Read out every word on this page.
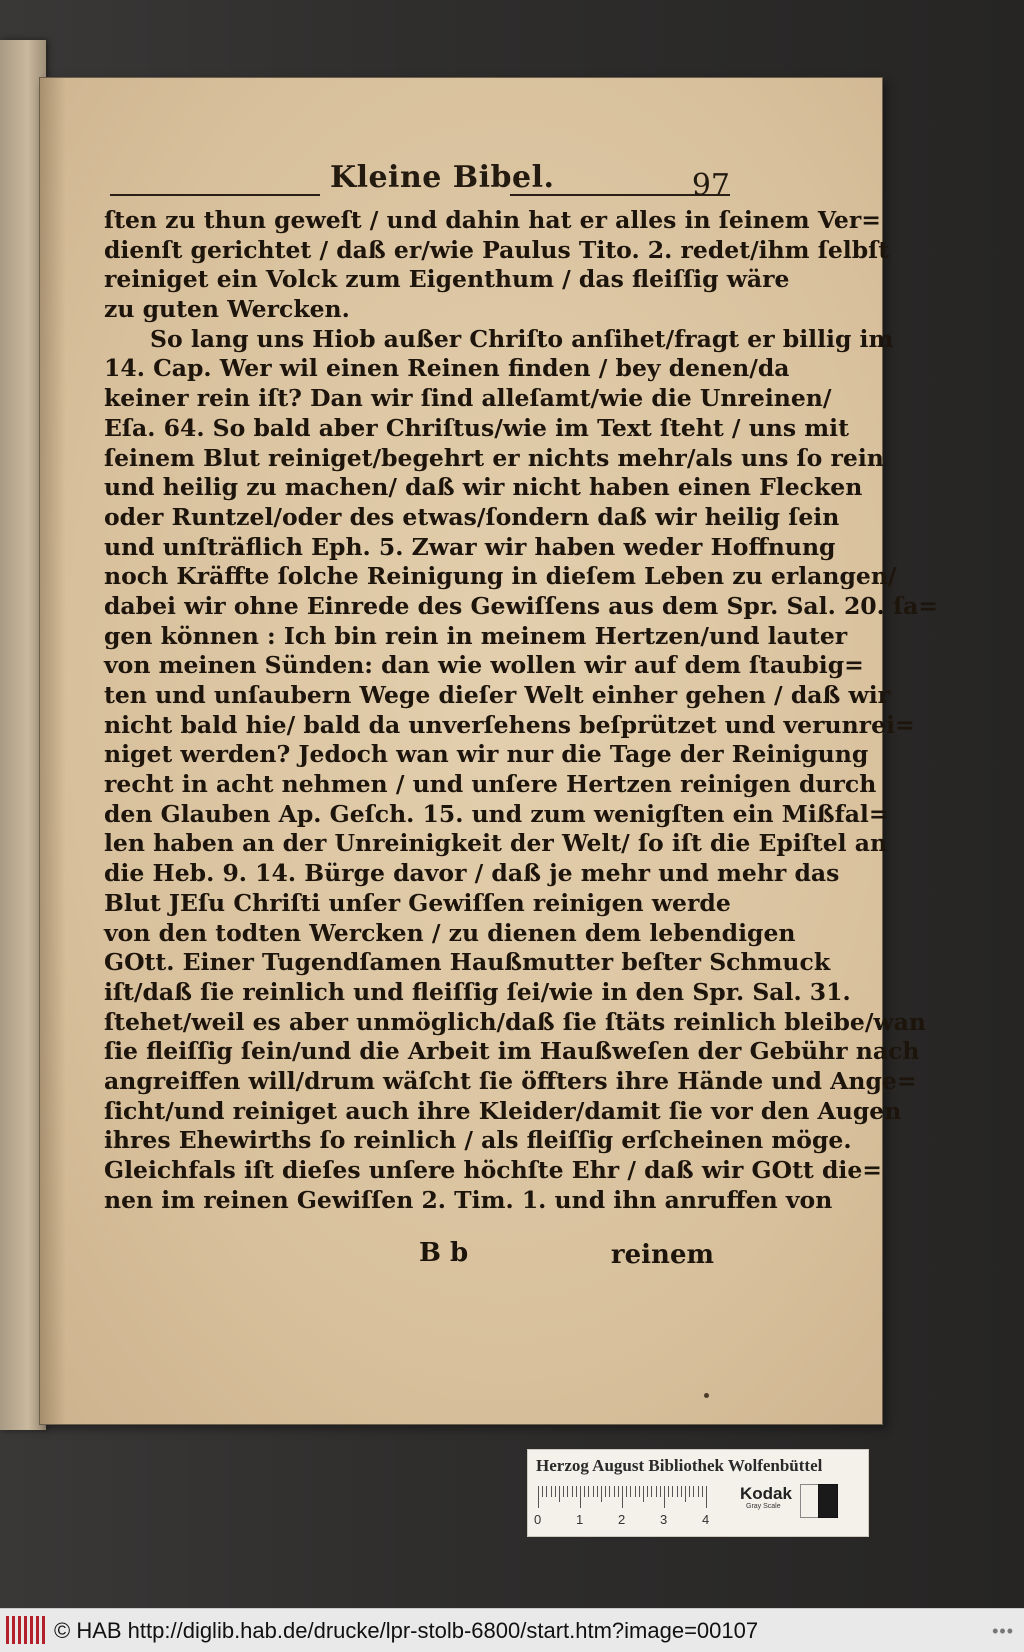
Kleine Bibel.	97
ſten zu thun geweſt / und dahin hat er alles in ſeinem Ver=
dienſt gerichtet / daß er/wie Paulus Tito. 2. redet/ihm ſelbſt
reiniget ein Volck zum Eigenthum / das fleiſſig wäre
zu guten Wercken.
So lang uns Hiob außer Chriſto anſihet/fragt er billig im
14. Cap. Wer wil einen Reinen finden / bey denen/da
keiner rein iſt? Dan wir ſind alleſamt/wie die Unreinen/
Eſa. 64. So bald aber Chriſtus/wie im Text ſteht / uns mit
ſeinem Blut reiniget/begehrt er nichts mehr/als uns ſo rein
und heilig zu machen/ daß wir nicht haben einen Flecken
oder Runtzel/oder des etwas/ſondern daß wir heilig ſein
und unſträflich Eph. 5. Zwar wir haben weder Hoffnung
noch Kräffte ſolche Reinigung in dieſem Leben zu erlangen/
dabei wir ohne Einrede des Gewiſſens aus dem Spr. Sal. 20. ſa=
gen können : Ich bin rein in meinem Hertzen/und lauter
von meinen Sünden: dan wie wollen wir auf dem ſtaubig=
ten und unſaubern Wege dieſer Welt einher gehen / daß wir
nicht bald hie/ bald da unverſehens beſprützet und verunrei=
niget werden? Jedoch wan wir nur die Tage der Reinigung
recht in acht nehmen / und unſere Hertzen reinigen durch
den Glauben Ap. Geſch. 15. und zum wenigſten ein Mißfal=
len haben an der Unreinigkeit der Welt/ ſo iſt die Epiſtel an
die Heb. 9. 14. Bürge davor / daß je mehr und mehr das
Blut JEſu Chriſti unſer Gewiſſen reinigen werde
von den todten Wercken / zu dienen dem lebendigen
GOtt. Einer Tugendſamen Haußmutter beſter Schmuck
iſt/daß ſie reinlich und fleiſſig ſei/wie in den Spr. Sal. 31.
ſtehet/weil es aber unmöglich/daß ſie ſtäts reinlich bleibe/wan
ſie fleiſſig ſein/und die Arbeit im Haußweſen der Gebühr nach
angreiffen will/drum wäſcht ſie öffters ihre Hände und Ange=
ſicht/und reiniget auch ihre Kleider/damit ſie vor den Augen
ihres Ehewirths ſo reinlich / als fleiſſig erſcheinen möge.
Gleichfals iſt dieſes unſere höchſte Ehr / daß wir GOtt die=
nen im reinen Gewiſſen 2. Tim. 1. und ihn anruffen von
B b	reinem
Herzog August Bibliothek Wolfenbüttel
0	1	2	3	4
Kodak
Gray Scale
© HAB http://diglib.hab.de/drucke/lpr-stolb-6800/start.htm?image=00107	•••
